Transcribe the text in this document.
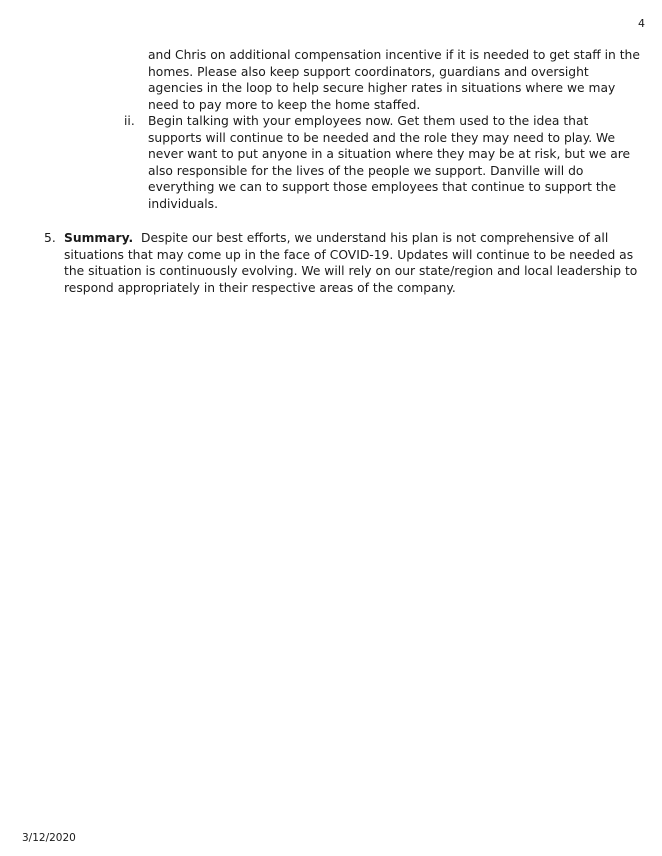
4
and Chris on additional compensation incentive if it is needed to get staff in the homes. Please also keep support coordinators, guardians and oversight agencies in the loop to help secure higher rates in situations where we may need to pay more to keep the home staffed.
ii. Begin talking with your employees now. Get them used to the idea that supports will continue to be needed and the role they may need to play. We never want to put anyone in a situation where they may be at risk, but we are also responsible for the lives of the people we support. Danville will do everything we can to support those employees that continue to support the individuals.
5. Summary. Despite our best efforts, we understand his plan is not comprehensive of all situations that may come up in the face of COVID-19. Updates will continue to be needed as the situation is continuously evolving. We will rely on our state/region and local leadership to respond appropriately in their respective areas of the company.
3/12/2020
